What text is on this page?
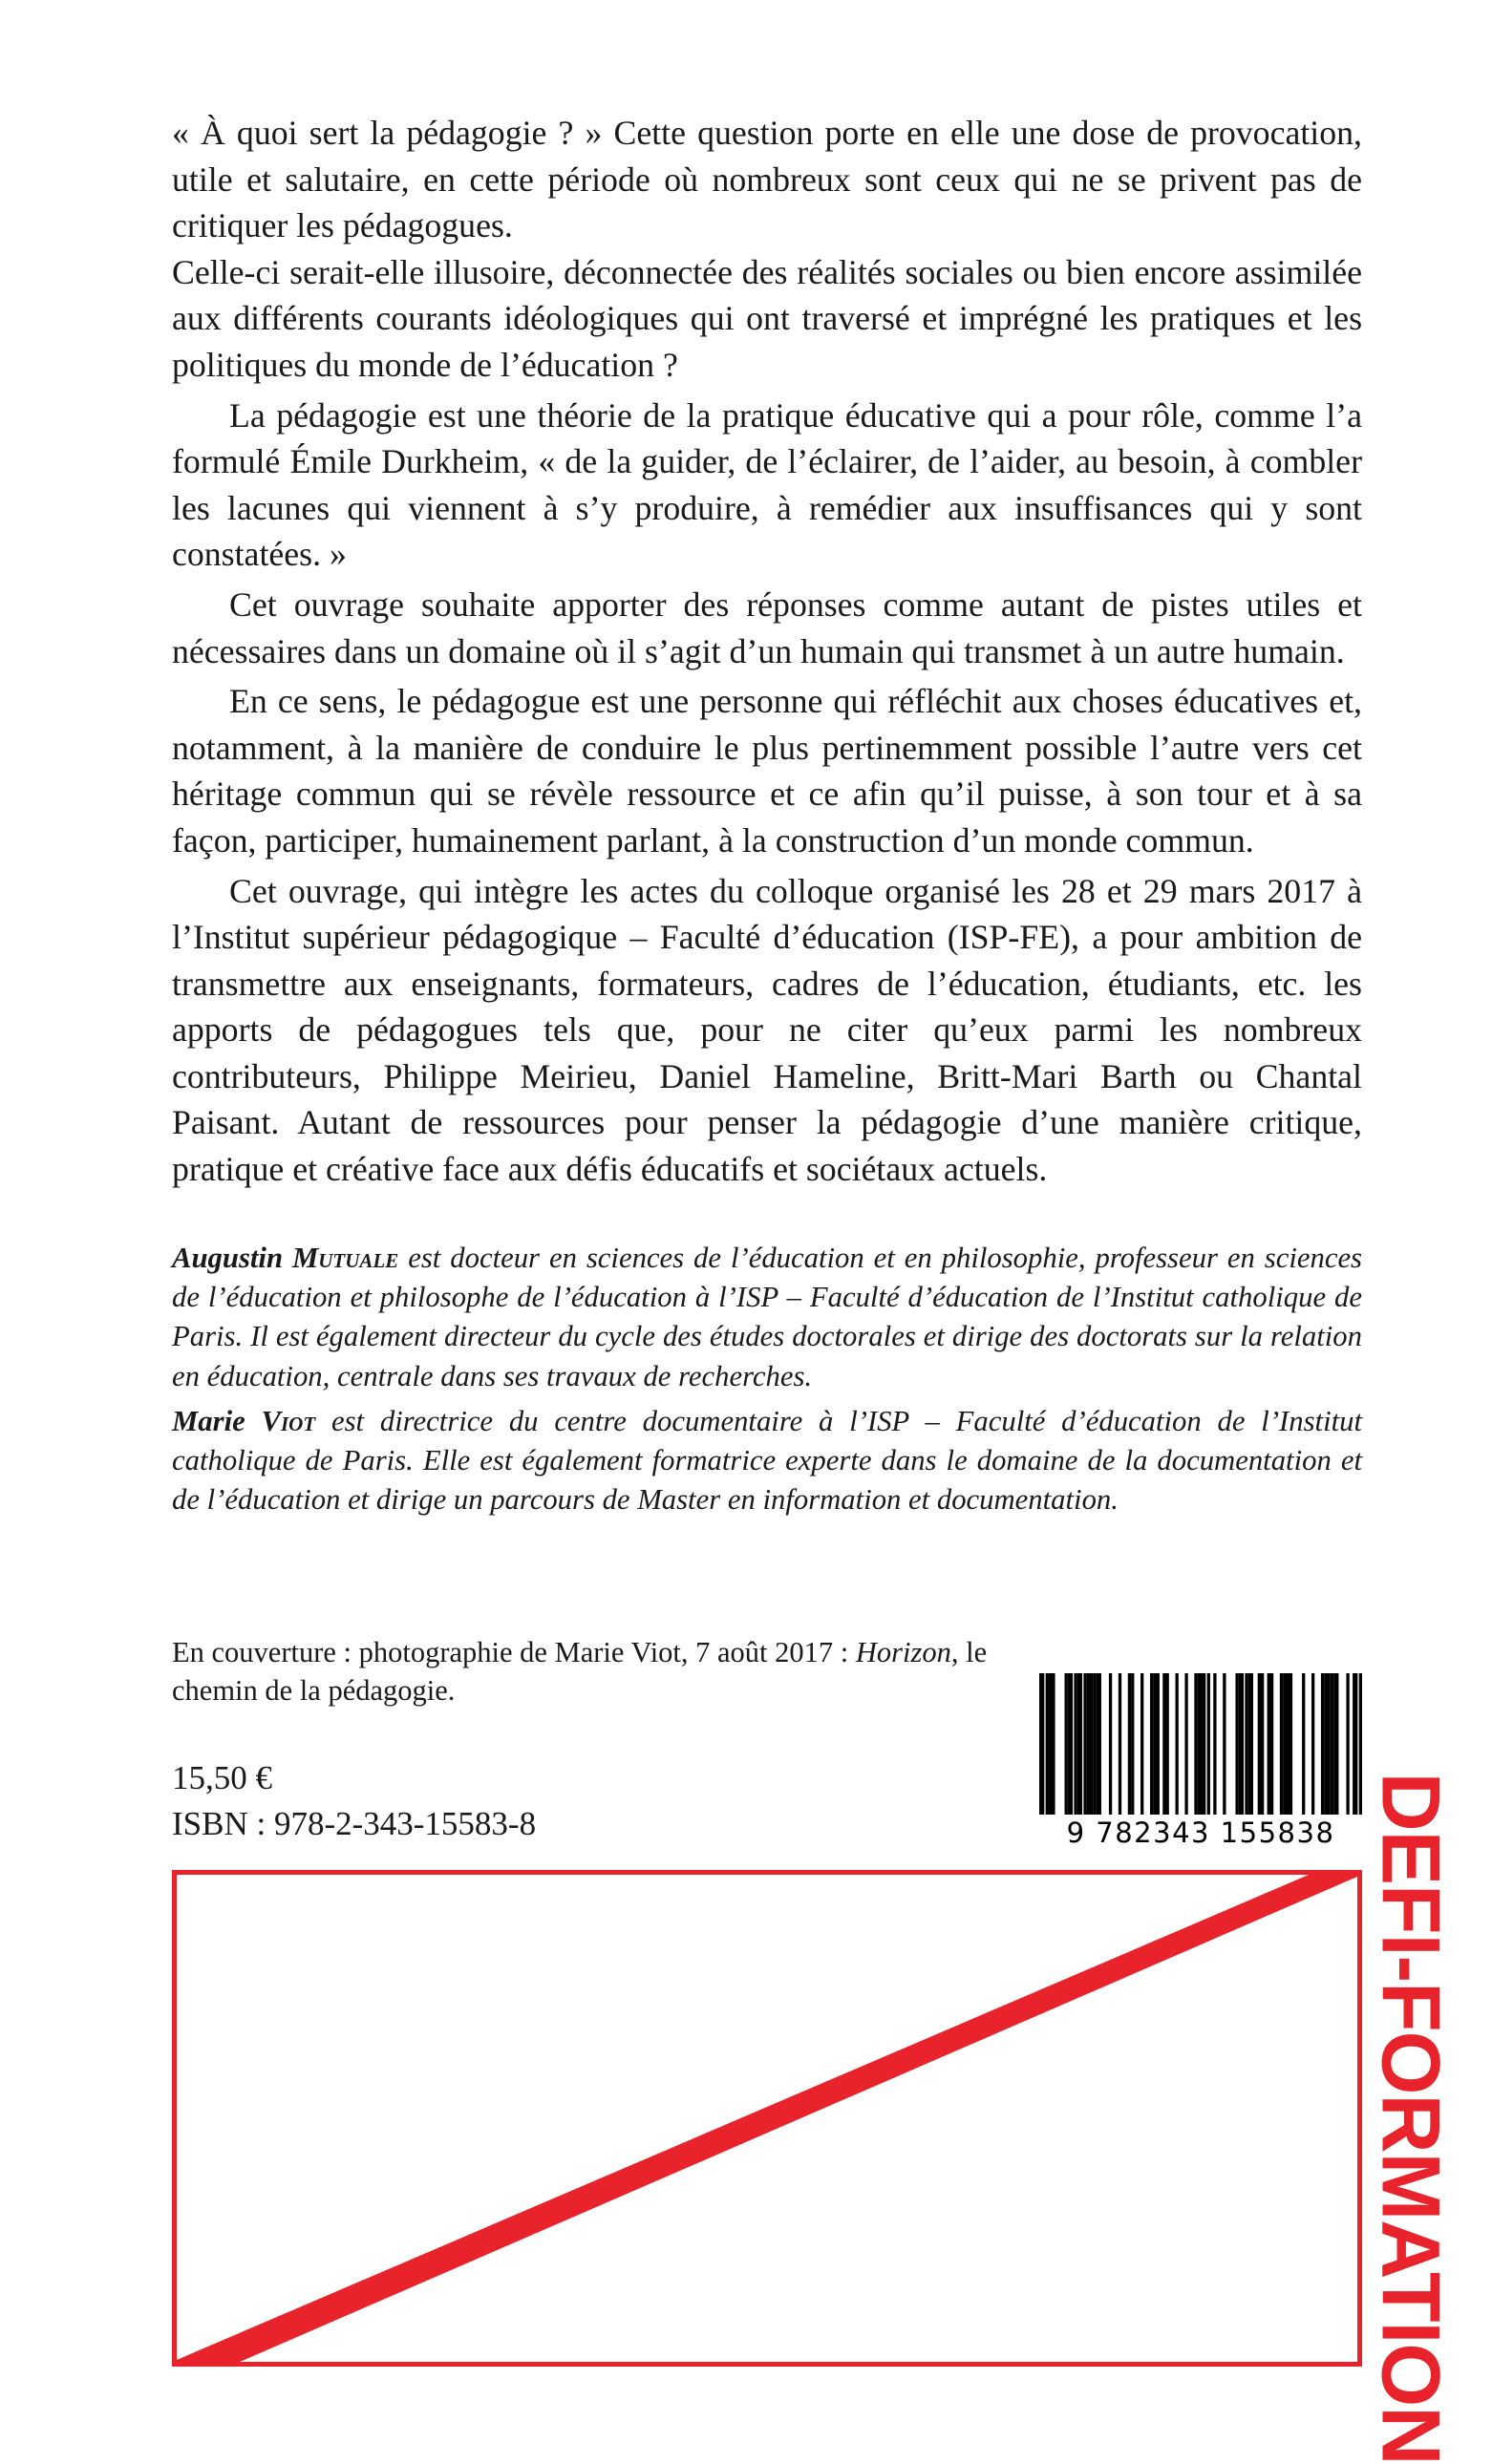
« À quoi sert la pédagogie ? » Cette question porte en elle une dose de provocation, utile et salutaire, en cette période où nombreux sont ceux qui ne se privent pas de critiquer les pédagogues.

Celle-ci serait-elle illusoire, déconnectée des réalités sociales ou bien encore assimilée aux différents courants idéologiques qui ont traversé et imprégné les pratiques et les politiques du monde de l’éducation ?

La pédagogie est une théorie de la pratique éducative qui a pour rôle, comme l’a formulé Émile Durkheim, « de la guider, de l’éclairer, de l’aider, au besoin, à combler les lacunes qui viennent à s’y produire, à remédier aux insuffisances qui y sont constatées. »

Cet ouvrage souhaite apporter des réponses comme autant de pistes utiles et nécessaires dans un domaine où il s’agit d’un humain qui transmet à un autre humain.

En ce sens, le pédagogue est une personne qui réfléchit aux choses éducatives et, notamment, à la manière de conduire le plus pertinemment possible l’autre vers cet héritage commun qui se révèle ressource et ce afin qu’il puisse, à son tour et à sa façon, participer, humainement parlant, à la construction d’un monde commun.

Cet ouvrage, qui intègre les actes du colloque organisé les 28 et 29 mars 2017 à l’Institut supérieur pédagogique – Faculté d’éducation (ISP-FE), a pour ambition de transmettre aux enseignants, formateurs, cadres de l’éducation, étudiants, etc. les apports de pédagogues tels que, pour ne citer qu’eux parmi les nombreux contributeurs, Philippe Meirieu, Daniel Hameline, Britt-Mari Barth ou Chantal Paisant. Autant de ressources pour penser la pédagogie d’une manière critique, pratique et créative face aux défis éducatifs et sociétaux actuels.

Augustin Mutuale est docteur en sciences de l’éducation et en philosophie, professeur en sciences de l’éducation et philosophe de l’éducation à l’ISP – Faculté d’éducation de l’Institut catholique de Paris. Il est également directeur du cycle des études doctorales et dirige des doctorats sur la relation en éducation, centrale dans ses travaux de recherches.

Marie Viot est directrice du centre documentaire à l’ISP – Faculté d’éducation de l’Institut catholique de Paris. Elle est également formatrice experte dans le domaine de la documentation et de l’éducation et dirige un parcours de Master en information et documentation.

En couverture : photographie de Marie Viot, 7 août 2017 : Horizon, le chemin de la pédagogie.
15,50 €
ISBN : 978-2-343-15583-8	9 782343 155838 DEFI-FORMATION
